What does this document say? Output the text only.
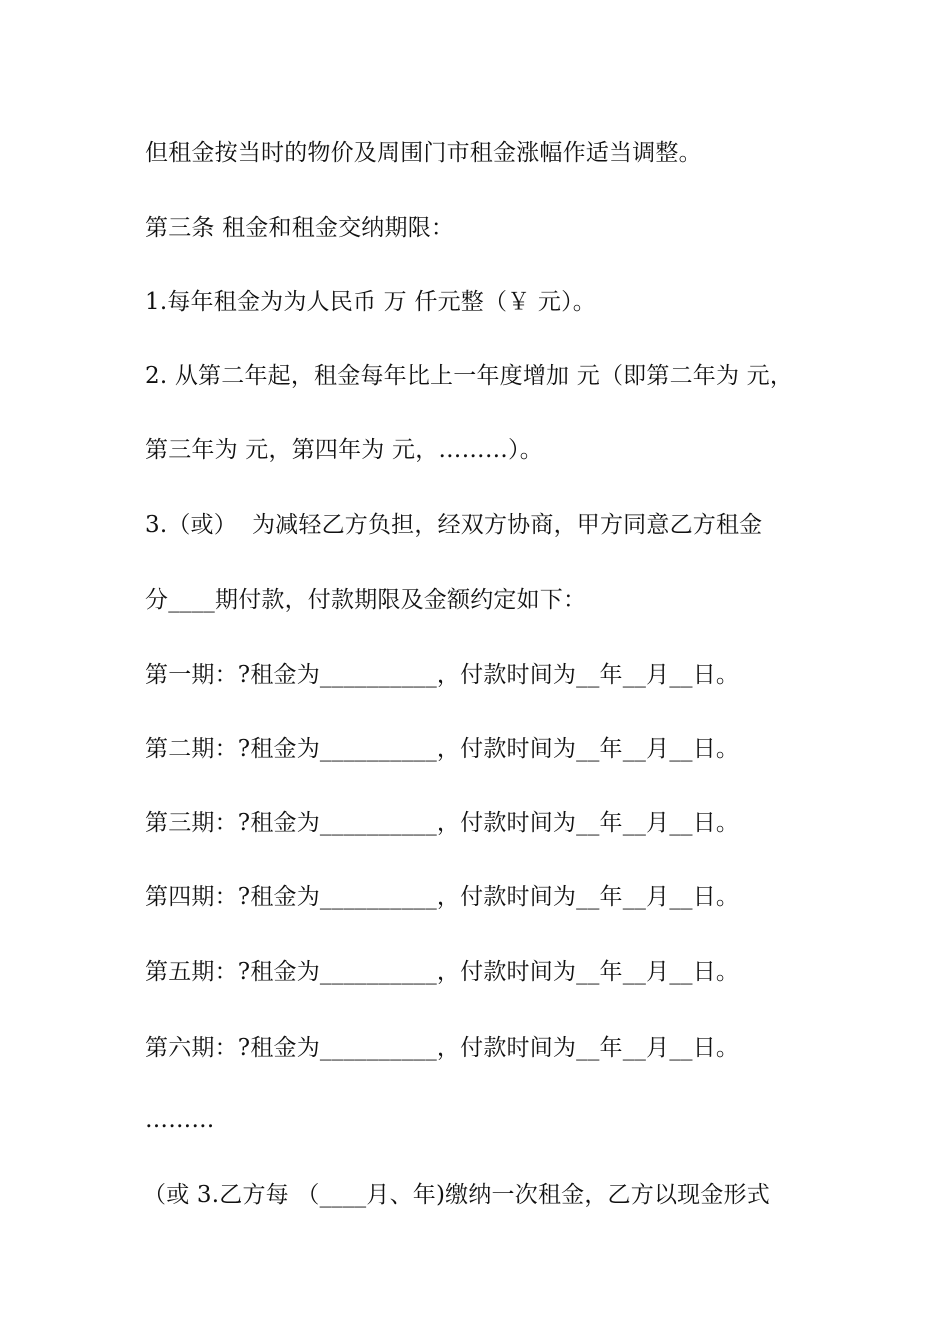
但租金按当时的物价及周围门市租金涨幅作适当调整。
第三条 租金和租金交纳期限：
1.每年租金为为人民币 万 仟元整（￥ 元）。
2. 从第二年起，租金每年比上一年度增加 元（即第二年为 元，
第三年为 元，第四年为 元，………）。
3.（或）  为减轻乙方负担，经双方协商，甲方同意乙方租金
分____期付款，付款期限及金额约定如下：
第一期：?租金为__________，付款时间为__年__月__日。
第二期：?租金为__________，付款时间为__年__月__日。
第三期：?租金为__________，付款时间为__年__月__日。
第四期：?租金为__________，付款时间为__年__月__日。
第五期：?租金为__________，付款时间为__年__月__日。
第六期：?租金为__________，付款时间为__年__月__日。
………
（或 3.乙方每 （____月、年)缴纳一次租金，乙方以现金形式
